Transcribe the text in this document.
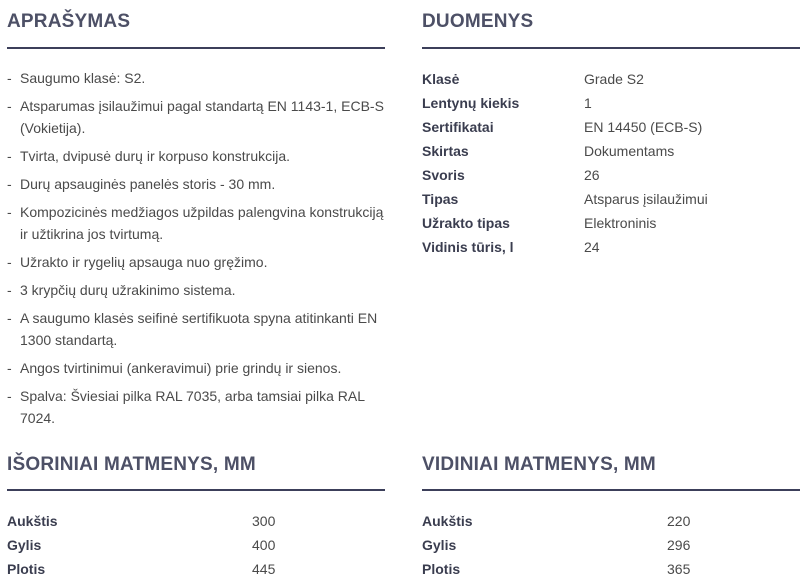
APRAŠYMAS
- Saugumo klasė: S2.
- Atsparumas įsilaužimui pagal standartą EN 1143-1, ECB-S (Vokietija).
- Tvirta, dvipusė durų ir korpuso konstrukcija.
- Durų apsauginės panelės storis - 30 mm.
- Kompozicinės medžiagos užpildas palengvina konstrukciją ir užtikrina jos tvirtumą.
- Užrakto ir rygelių apsauga nuo gręžimo.
- 3 krypčių durų užrakinimo sistema.
- A saugumo klasės seifinė sertifikuota spyna atitinkanti EN 1300 standartą.
- Angos tvirtinimui (ankeravimui) prie grindų ir sienos.
- Spalva: Šviesiai pilka RAL 7035, arba tamsiai pilka RAL 7024.
DUOMENYS
Klasė	Grade S2
Lentynų kiekis	1
Sertifikatai	EN 14450 (ECB-S)
Skirtas	Dokumentams
Svoris	26
Tipas	Atsparus įsilaužimui
Užrakto tipas	Elektroninis
Vidinis tūris, l	24
IŠORINIAI MATMENYS, MM
Aukštis	300
Gylis	400
Plotis	445
VIDINIAI MATMENYS, MM
Aukštis	220
Gylis	296
Plotis	365
